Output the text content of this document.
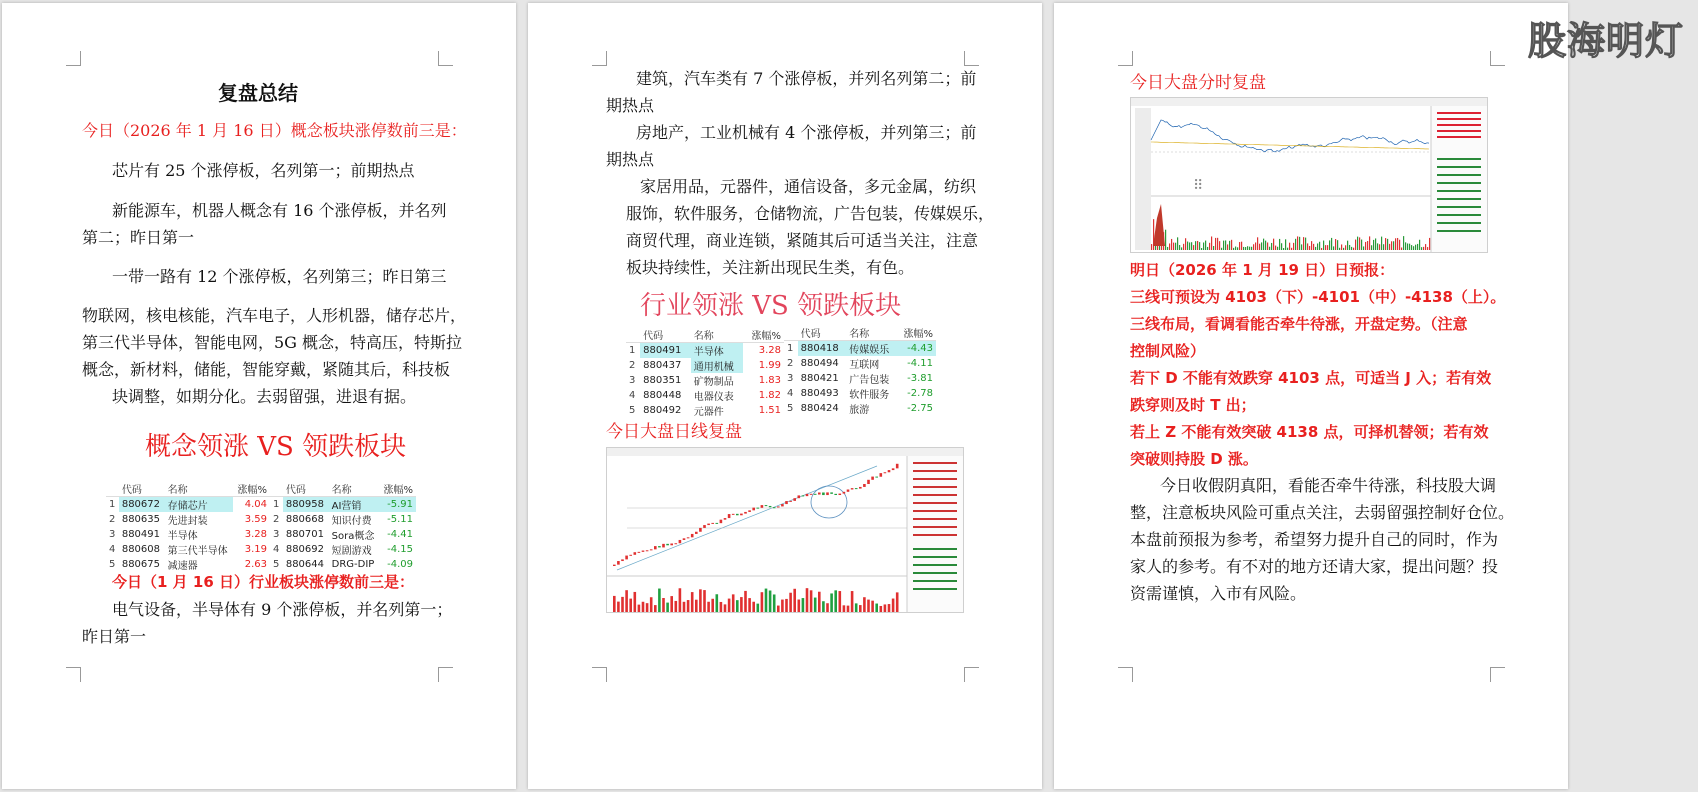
复盘总结
今日（2026 年 1 月 16 日）概念板块涨停数前三是：
芯片有 25 个涨停板，名列第一；前期热点
新能源车，机器人概念有 16 个涨停板，并名列
第二；昨日第一
一带一路有 12 个涨停板，名列第三；昨日第三
物联网，核电核能，汽车电子，人形机器，储存芯片，
第三代半导体，智能电网，5G 概念，特高压，特斯拉
概念，新材料，储能，智能穿戴，紧随其后，科技板
块调整，如期分化。去弱留强，进退有据。
概念领涨 VS 领跌板块
	代码	名称	涨幅%
1	880672	存储芯片	4.04
2	880635	先进封装	3.59
3	880491	半导体	3.28
4	880608	第三代半导体	3.19
5	880675	减速器	2.63
	代码	名称	涨幅%
1	880958	AI营销	-5.91
2	880668	知识付费	-5.11
3	880701	Sora概念	-4.41
4	880692	短剧游戏	-4.15
5	880644	DRG-DIP	-4.09
今日（1 月 16 日）行业板块涨停数前三是：
电气设备，半导体有 9 个涨停板，并名列第一；
昨日第一
建筑，汽车类有 7 个涨停板，并列名列第二；前
期热点
房地产，工业机械有 4 个涨停板，并列第三；前
期热点
家居用品，元器件，通信设备，多元金属，纺织
服饰，软件服务，仓储物流，广告包装，传媒娱乐，
商贸代理，商业连锁，紧随其后可适当关注，注意
板块持续性，关注新出现民生类，有色。
行业领涨 VS 领跌板块
	代码	名称	涨幅%
1	880491	半导体	3.28
2	880437	通用机械	1.99
3	880351	矿物制品	1.83
4	880448	电器仪表	1.82
5	880492	元器件	1.51
	代码	名称	涨幅%
1	880418	传媒娱乐	-4.43
2	880494	互联网	-4.11
3	880421	广告包装	-3.81
4	880493	软件服务	-2.78
5	880424	旅游	-2.75
今日大盘日线复盘
今日大盘分时复盘
明日（2026 年 1 月 19 日）日预报：
三线可预设为 4103（下）-4101（中）-4138（上）。
三线布局，看调看能否牵牛待涨，开盘定势。（注意
控制风险）
若下 D 不能有效跌穿 4103 点，可适当 J 入；若有效
跌穿则及时 T 出；
若上 Z 不能有效突破 4138 点，可择机替领；若有效
突破则持股 D 涨。
今日收假阴真阳，看能否牵牛待涨，科技股大调
整，注意板块风险可重点关注，去弱留强控制好仓位。
本盘前预报为参考，希望努力提升自己的同时，作为
家人的参考。有不对的地方还请大家，提出问题？投
资需谨慎，入市有风险。
⠿
股海明灯
